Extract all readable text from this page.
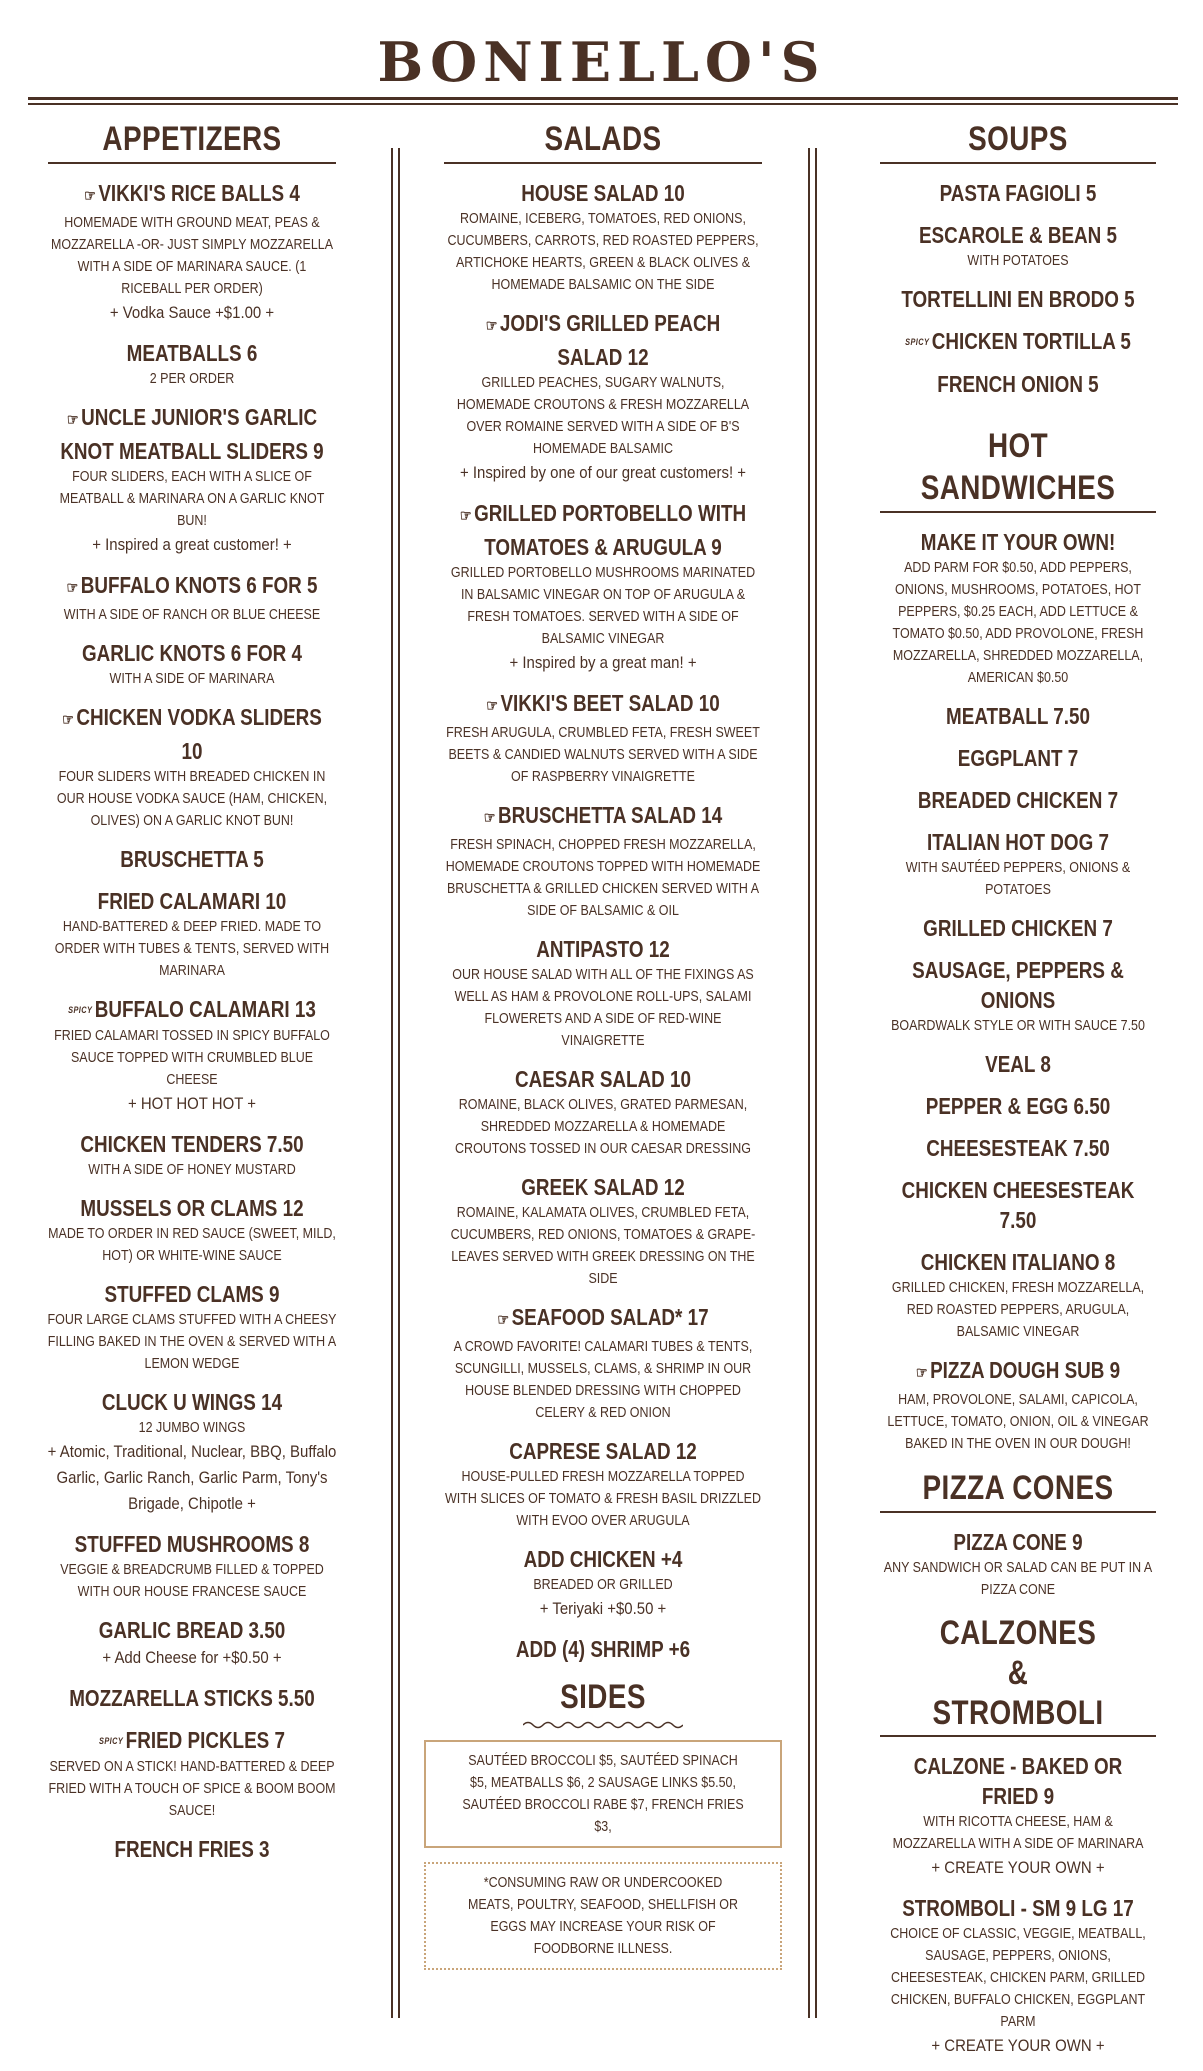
BONIELLO'S
APPETIZERS
☞ VIKKI'S RICE BALLS 4
HOMEMADE WITH GROUND MEAT, PEAS & MOZZARELLA -OR- JUST SIMPLY MOZZARELLA WITH A SIDE OF MARINARA SAUCE. (1 RICEBALL PER ORDER)
+ Vodka Sauce +$1.00 +
MEATBALLS 6
2 PER ORDER
☞ UNCLE JUNIOR'S GARLIC KNOT MEATBALL SLIDERS 9
FOUR SLIDERS, EACH WITH A SLICE OF MEATBALL & MARINARA ON A GARLIC KNOT BUN!
+ Inspired a great customer! +
☞ BUFFALO KNOTS 6 FOR 5
WITH A SIDE OF RANCH OR BLUE CHEESE
GARLIC KNOTS 6 FOR 4
WITH A SIDE OF MARINARA
☞ CHICKEN VODKA SLIDERS 10
FOUR SLIDERS WITH BREADED CHICKEN IN OUR HOUSE VODKA SAUCE (HAM, CHICKEN, OLIVES) ON A GARLIC KNOT BUN!
BRUSCHETTA 5
FRIED CALAMARI 10
HAND-BATTERED & DEEP FRIED. MADE TO ORDER WITH TUBES & TENTS, SERVED WITH MARINARA
SPICY BUFFALO CALAMARI 13
FRIED CALAMARI TOSSED IN SPICY BUFFALO SAUCE TOPPED WITH CRUMBLED BLUE CHEESE
+ HOT HOT HOT +
CHICKEN TENDERS 7.50
WITH A SIDE OF HONEY MUSTARD
MUSSELS OR CLAMS 12
MADE TO ORDER IN RED SAUCE (SWEET, MILD, HOT) OR WHITE-WINE SAUCE
STUFFED CLAMS 9
FOUR LARGE CLAMS STUFFED WITH A CHEESY FILLING BAKED IN THE OVEN & SERVED WITH A LEMON WEDGE
CLUCK U WINGS 14
12 JUMBO WINGS
+ Atomic, Traditional, Nuclear, BBQ, Buffalo Garlic, Garlic Ranch, Garlic Parm, Tony's Brigade, Chipotle +
STUFFED MUSHROOMS 8
VEGGIE & BREADCRUMB FILLED & TOPPED WITH OUR HOUSE FRANCESE SAUCE
GARLIC BREAD 3.50
+ Add Cheese for +$0.50 +
MOZZARELLA STICKS 5.50
SPICY FRIED PICKLES 7
SERVED ON A STICK! HAND-BATTERED & DEEP FRIED WITH A TOUCH OF SPICE & BOOM BOOM SAUCE!
FRENCH FRIES 3
SALADS
HOUSE SALAD 10
ROMAINE, ICEBERG, TOMATOES, RED ONIONS, CUCUMBERS, CARROTS, RED ROASTED PEPPERS, ARTICHOKE HEARTS, GREEN & BLACK OLIVES & HOMEMADE BALSAMIC ON THE SIDE
☞ JODI'S GRILLED PEACH SALAD 12
GRILLED PEACHES, SUGARY WALNUTS, HOMEMADE CROUTONS & FRESH MOZZARELLA OVER ROMAINE SERVED WITH A SIDE OF B'S HOMEMADE BALSAMIC
+ Inspired by one of our great customers! +
☞ GRILLED PORTOBELLO WITH TOMATOES & ARUGULA 9
GRILLED PORTOBELLO MUSHROOMS MARINATED IN BALSAMIC VINEGAR ON TOP OF ARUGULA & FRESH TOMATOES. SERVED WITH A SIDE OF BALSAMIC VINEGAR
+ Inspired by a great man! +
☞ VIKKI'S BEET SALAD 10
FRESH ARUGULA, CRUMBLED FETA, FRESH SWEET BEETS & CANDIED WALNUTS SERVED WITH A SIDE OF RASPBERRY VINAIGRETTE
☞ BRUSCHETTA SALAD 14
FRESH SPINACH, CHOPPED FRESH MOZZARELLA, HOMEMADE CROUTONS TOPPED WITH HOMEMADE BRUSCHETTA & GRILLED CHICKEN SERVED WITH A SIDE OF BALSAMIC & OIL
ANTIPASTO 12
OUR HOUSE SALAD WITH ALL OF THE FIXINGS AS WELL AS HAM & PROVOLONE ROLL-UPS, SALAMI FLOWERETS AND A SIDE OF RED-WINE VINAIGRETTE
CAESAR SALAD 10
ROMAINE, BLACK OLIVES, GRATED PARMESAN, SHREDDED MOZZARELLA & HOMEMADE CROUTONS TOSSED IN OUR CAESAR DRESSING
GREEK SALAD 12
ROMAINE, KALAMATA OLIVES, CRUMBLED FETA, CUCUMBERS, RED ONIONS, TOMATOES & GRAPE-LEAVES SERVED WITH GREEK DRESSING ON THE SIDE
☞ SEAFOOD SALAD* 17
A CROWD FAVORITE! CALAMARI TUBES & TENTS, SCUNGILLI, MUSSELS, CLAMS, & SHRIMP IN OUR HOUSE BLENDED DRESSING WITH CHOPPED CELERY & RED ONION
CAPRESE SALAD 12
HOUSE-PULLED FRESH MOZZARELLA TOPPED WITH SLICES OF TOMATO & FRESH BASIL DRIZZLED WITH EVOO OVER ARUGULA
ADD CHICKEN +4
BREADED OR GRILLED
+ Teriyaki +$0.50 +
ADD (4) SHRIMP +6
SIDES
SAUTÉED BROCCOLI $5, SAUTÉED SPINACH $5, MEATBALLS $6, 2 SAUSAGE LINKS $5.50, SAUTÉED BROCCOLI RABE $7, FRENCH FRIES $3,
*CONSUMING RAW OR UNDERCOOKED MEATS, POULTRY, SEAFOOD, SHELLFISH OR EGGS MAY INCREASE YOUR RISK OF FOODBORNE ILLNESS.
SOUPS
PASTA FAGIOLI 5
ESCAROLE & BEAN 5
WITH POTATOES
TORTELLINI EN BRODO 5
SPICY CHICKEN TORTILLA 5
FRENCH ONION 5
HOT SANDWICHES
MAKE IT YOUR OWN!
ADD PARM FOR $0.50, ADD PEPPERS, ONIONS, MUSHROOMS, POTATOES, HOT PEPPERS, $0.25 EACH, ADD LETTUCE & TOMATO $0.50, ADD PROVOLONE, FRESH MOZZARELLA, SHREDDED MOZZARELLA, AMERICAN $0.50
MEATBALL 7.50
EGGPLANT 7
BREADED CHICKEN 7
ITALIAN HOT DOG 7
WITH SAUTÉED PEPPERS, ONIONS & POTATOES
GRILLED CHICKEN 7
SAUSAGE, PEPPERS & ONIONS
BOARDWALK STYLE OR WITH SAUCE 7.50
VEAL 8
PEPPER & EGG 6.50
CHEESESTEAK 7.50
CHICKEN CHEESESTEAK 7.50
CHICKEN ITALIANO 8
GRILLED CHICKEN, FRESH MOZZARELLA, RED ROASTED PEPPERS, ARUGULA, BALSAMIC VINEGAR
☞ PIZZA DOUGH SUB 9
HAM, PROVOLONE, SALAMI, CAPICOLA, LETTUCE, TOMATO, ONION, OIL & VINEGAR BAKED IN THE OVEN IN OUR DOUGH!
PIZZA CONES
PIZZA CONE 9
ANY SANDWICH OR SALAD CAN BE PUT IN A PIZZA CONE
CALZONES & STROMBOLI
CALZONE - BAKED OR FRIED 9
WITH RICOTTA CHEESE, HAM & MOZZARELLA WITH A SIDE OF MARINARA
+ CREATE YOUR OWN +
STROMBOLI - SM 9 LG 17
CHOICE OF CLASSIC, VEGGIE, MEATBALL, SAUSAGE, PEPPERS, ONIONS, CHEESESTEAK, CHICKEN PARM, GRILLED CHICKEN, BUFFALO CHICKEN, EGGPLANT PARM
+ CREATE YOUR OWN +
